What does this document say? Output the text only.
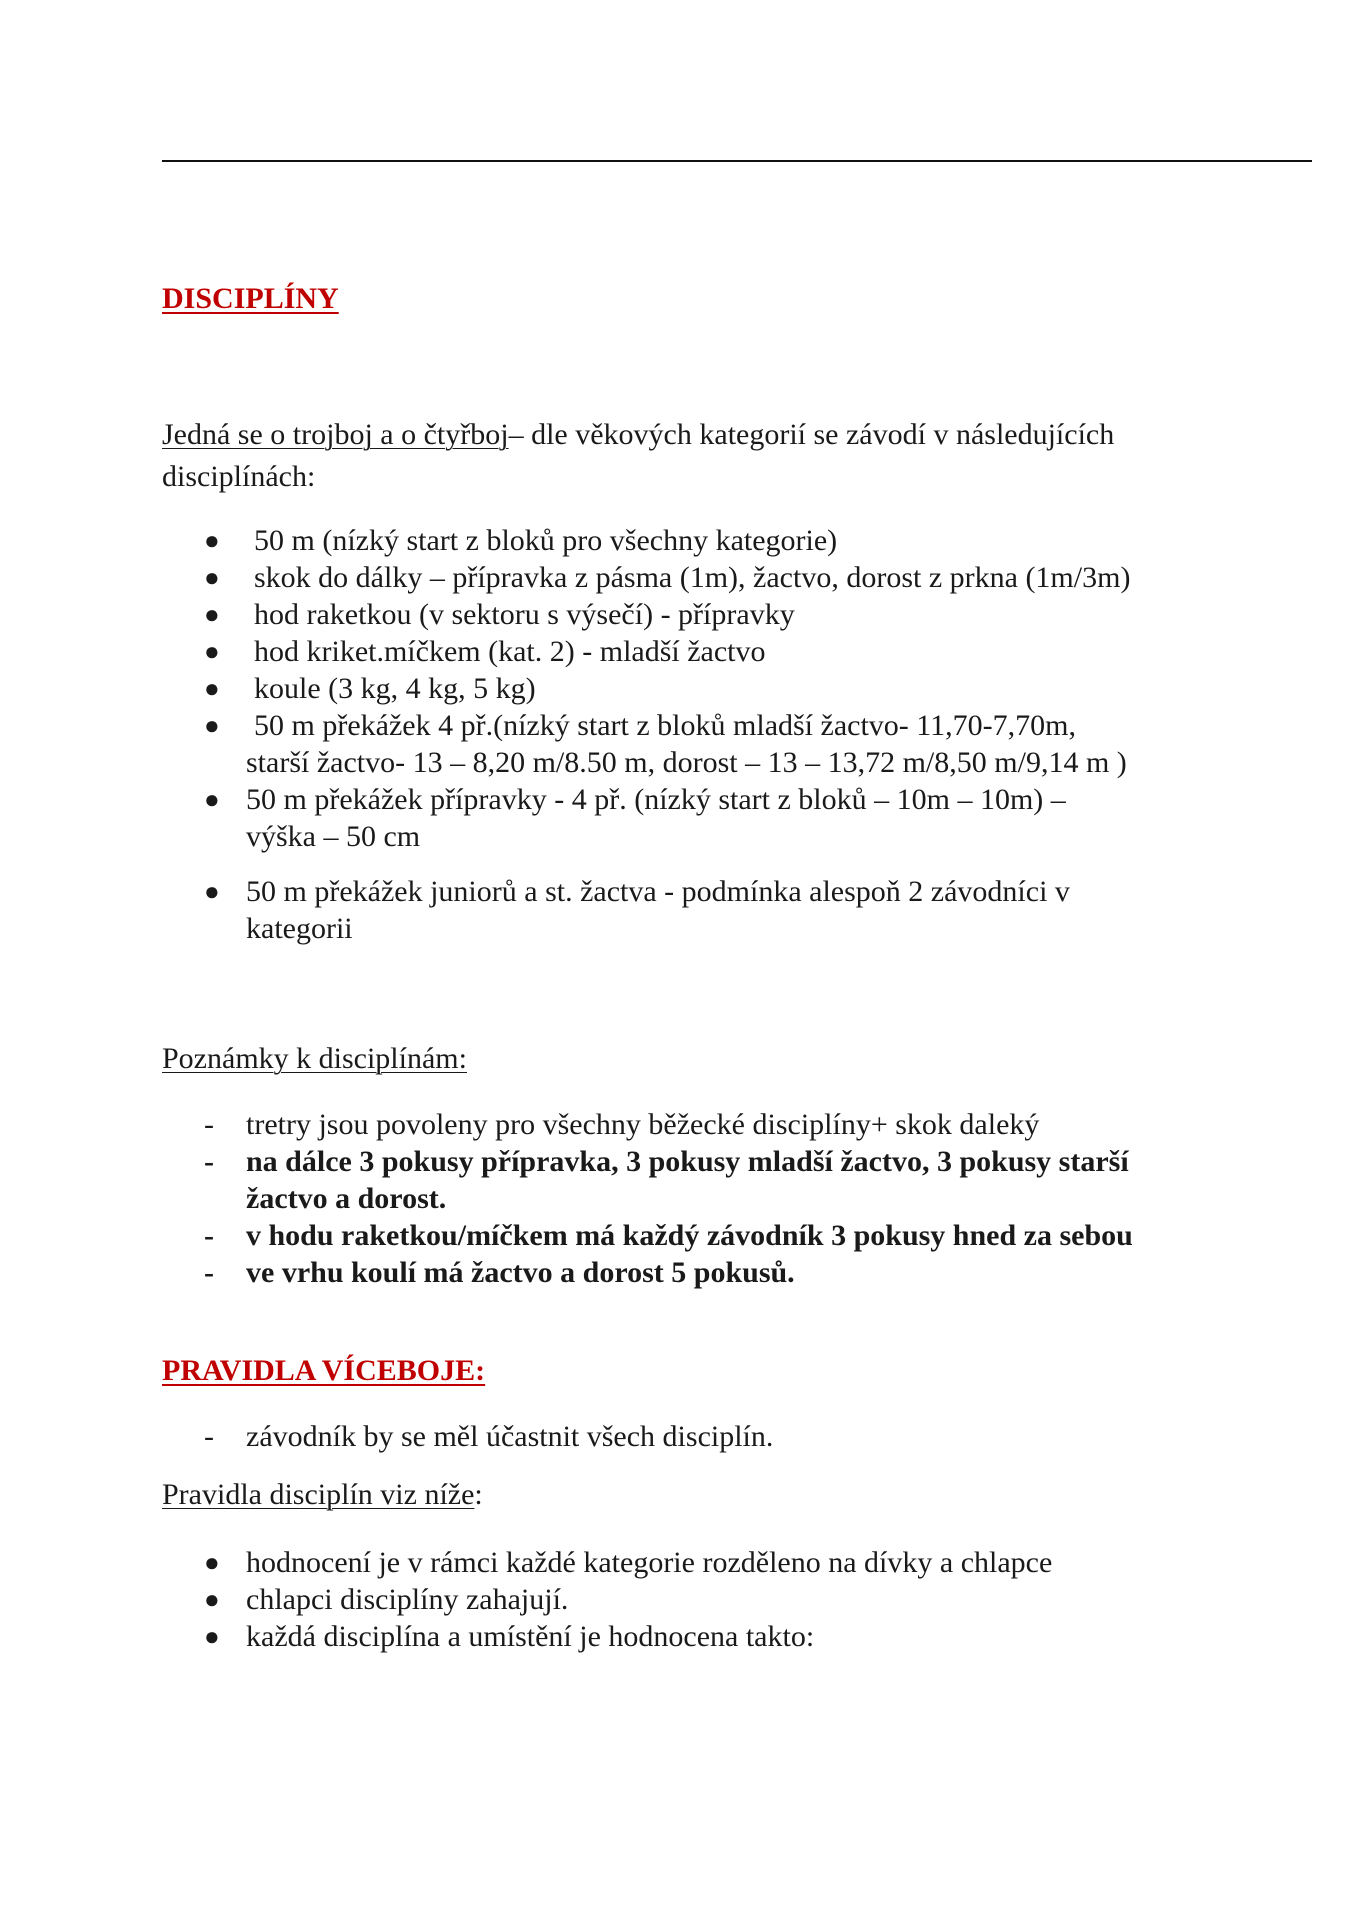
DISCIPLÍNY
Jedná se o trojboj a o čtyřboj– dle věkových kategorií se závodí v následujících
disciplínách:
● 50 m (nízký start z bloků pro všechny kategorie)
● skok do dálky – přípravka z pásma (1m), žactvo, dorost z prkna (1m/3m)
● hod raketkou (v sektoru s výsečí) - přípravky
● hod kriket.míčkem (kat. 2) - mladší žactvo
● koule (3 kg, 4 kg, 5 kg)
● 50 m překážek 4 př.(nízký start z bloků mladší žactvo- 11,70-7,70m,
starší žactvo- 13 – 8,20 m/8.50 m, dorost – 13 – 13,72 m/8,50 m/9,14 m )
● 50 m překážek přípravky - 4 př. (nízký start z bloků – 10m – 10m) –
výška – 50 cm
● 50 m překážek juniorů a st. žactva - podmínka alespoň 2 závodníci v
kategorii
Poznámky k disciplínám:
- tretry jsou povoleny pro všechny běžecké disciplíny+ skok daleký
- na dálce 3 pokusy přípravka, 3 pokusy mladší žactvo, 3 pokusy starší
žactvo a dorost.
- v hodu raketkou/míčkem má každý závodník 3 pokusy hned za sebou
- ve vrhu koulí má žactvo a dorost 5 pokusů.
PRAVIDLA VÍCEBOJE:
- závodník by se měl účastnit všech disciplín.
Pravidla disciplín viz níže:
● hodnocení je v rámci každé kategorie rozděleno na dívky a chlapce
● chlapci disciplíny zahajují.
● každá disciplína a umístění je hodnocena takto:
